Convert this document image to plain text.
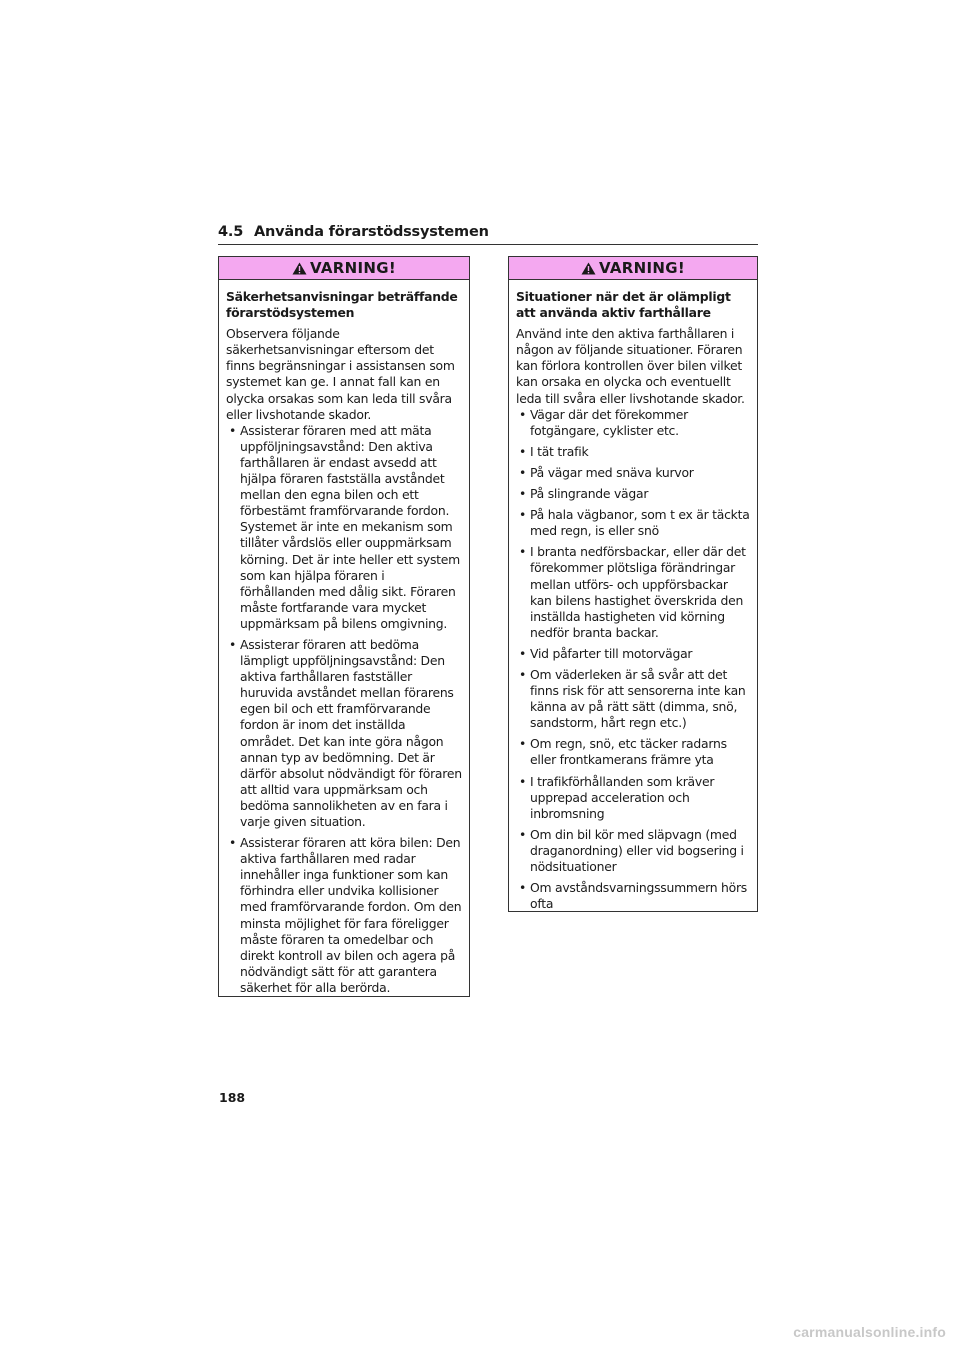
4.5 Använda förarstödssystemen
VARNING!

Säkerhetsanvisningar beträffande förarstödsystemen

Observera följande säkerhetsanvisningar eftersom det finns begränsningar i assistansen som systemet kan ge. I annat fall kan en olycka orsakas som kan leda till svåra eller livshotande skador.

• Assisterar föraren med att mäta uppföljningsavstånd: Den aktiva farthållaren är endast avsedd att hjälpa föraren fastställa avståndet mellan den egna bilen och ett förbestämt framförvarande fordon. Systemet är inte en mekanism som tillåter vårdslös eller ouppmärksam körning. Det är inte heller ett system som kan hjälpa föraren i förhållanden med dålig sikt. Föraren måste fortfarande vara mycket uppmärksam på bilens omgivning.
• Assisterar föraren att bedöma lämpligt uppföljningsavstånd: Den aktiva farthållaren fastställer huruvida avståndet mellan förarens egen bil och ett framförvarande fordon är inom det inställda området. Det kan inte göra någon annan typ av bedömning. Det är därför absolut nödvändigt för föraren att alltid vara uppmärksam och bedöma sannolikheten av en fara i varje given situation.
• Assisterar föraren att köra bilen: Den aktiva farthållaren med radar innehåller inga funktioner som kan förhindra eller undvika kollisioner med framförvarande fordon. Om den minsta möjlighet för fara föreligger måste föraren ta omedelbar och direkt kontroll av bilen och agera på nödvändigt sätt för att garantera säkerhet för alla berörda.
VARNING!

Situationer när det är olämpligt att använda aktiv farthållare

Använd inte den aktiva farthållaren i någon av följande situationer. Föraren kan förlora kontrollen över bilen vilket kan orsaka en olycka och eventuellt leda till svåra eller livshotande skador.

• Vägar där det förekommer fotgängare, cyklister etc.
• I tät trafik
• På vägar med snäva kurvor
• På slingrande vägar
• På hala vägbanor, som t ex är täckta med regn, is eller snö
• I branta nedförsbackar, eller där det förekommer plötsliga förändringar mellan utförs- och uppförsbackar kan bilens hastighet överskrida den inställda hastigheten vid körning nedför branta backar.
• Vid påfarter till motorvägar
• Om väderleken är så svår att det finns risk för att sensorerna inte kan känna av på rätt sätt (dimma, snö, sandstorm, hårt regn etc.)
• Om regn, snö, etc täcker radarns eller frontkamerans främre yta
• I trafikförhållanden som kräver upprepad acceleration och inbromsning
• Om din bil kör med släpvagn (med draganordning) eller vid bogsering i nödsituationer
• Om avståndsvarningssummern hörs ofta
188
carmanualsonline.info
